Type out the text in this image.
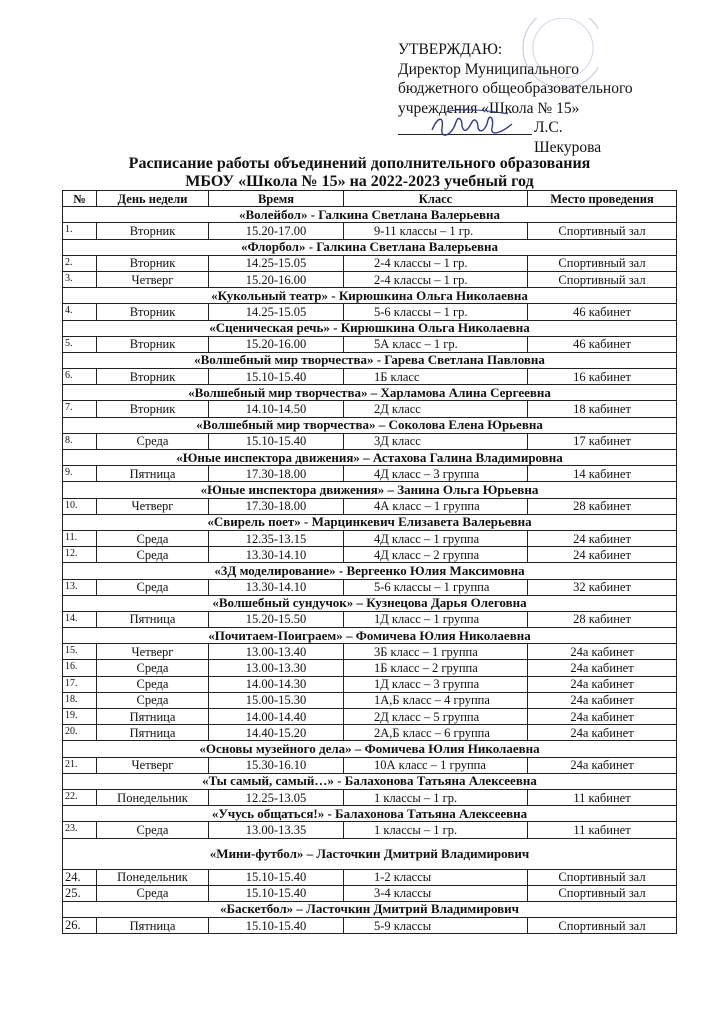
УТВЕРЖДАЮ:
Директор Муниципального
бюджетного общеобразовательного
учреждения «Школа № 15»
Л.С. Шекурова
Расписание работы объединений дополнительного образования
МБОУ «Школа № 15» на 2022-2023 учебный год
№	День недели	Время	Класс	Место проведения
«Волейбол» - Галкина Светлана Валерьевна				
1.	Вторник	15.20-17.00	9-11 классы – 1 гр.	Спортивный зал
«Флорбол» - Галкина Светлана Валерьевна				
2.	Вторник	14.25-15.05	2-4 классы – 1 гр.	Спортивный зал
3.	Четверг	15.20-16.00	2-4 классы – 1 гр.	Спортивный зал
«Кукольный театр» - Кирюшкина Ольга Николаевна				
4.	Вторник	14.25-15.05	5-6 классы – 1 гр.	46 кабинет
«Сценическая речь» - Кирюшкина Ольга Николаевна				
5.	Вторник	15.20-16.00	5А класс – 1 гр.	46 кабинет
«Волшебный мир творчества» - Гарева Светлана Павловна				
6.	Вторник	15.10-15.40	1Б класс	16 кабинет
«Волшебный мир творчества» – Харламова Алина Сергеевна				
7.	Вторник	14.10-14.50	2Д класс	18 кабинет
«Волшебный мир творчества» – Соколова Елена Юрьевна				
8.	Среда	15.10-15.40	3Д класс	17 кабинет
«Юные инспектора движения» – Астахова Галина Владимировна				
9.	Пятница	17.30-18.00	4Д класс – 3 группа	14 кабинет
«Юные инспектора движения» – Занина Ольга Юрьевна				
10.	Четверг	17.30-18.00	4А класс – 1 группа	28 кабинет
«Свирель поет» - Марцинкевич Елизавета Валерьевна				
11.	Среда	12.35-13.15	4Д класс – 1 группа	24 кабинет
12.	Среда	13.30-14.10	4Д класс – 2 группа	24 кабинет
«3Д моделирование» - Вергеенко Юлия Максимовна				
13.	Среда	13.30-14.10	5-6 классы – 1 группа	32 кабинет
«Волшебный сундучок» – Кузнецова Дарья Олеговна				
14.	Пятница	15.20-15.50	1Д класс – 1 группа	28 кабинет
«Почитаем-Поиграем» – Фомичева Юлия Николаевна				
15.	Четверг	13.00-13.40	3Б класс – 1 группа	24а кабинет
16.	Среда	13.00-13.30	1Б класс – 2 группа	24а кабинет
17.	Среда	14.00-14.30	1Д класс – 3 группа	24а кабинет
18.	Среда	15.00-15.30	1А,Б класс – 4 группа	24а кабинет
19.	Пятница	14.00-14.40	2Д класс – 5 группа	24а кабинет
20.	Пятница	14.40-15.20	2А,Б класс – 6 группа	24а кабинет
«Основы музейного дела» – Фомичева Юлия Николаевна				
21.	Четверг	15.30-16.10	10А класс – 1 группа	24а кабинет
«Ты самый, самый…» - Балахонова Татьяна Алексеевна				
22.	Понедельник	12.25-13.05	1 классы – 1 гр.	11 кабинет
«Учусь общаться!» - Балахонова Татьяна Алексеевна				
23.	Среда	13.00-13.35	1 классы – 1 гр.	11 кабинет
«Мини-футбол» – Ласточкин Дмитрий Владимирович				
24.	Понедельник	15.10-15.40	1-2 классы	Спортивный зал
25.	Среда	15.10-15.40	3-4 классы	Спортивный зал
«Баскетбол» – Ласточкин Дмитрий Владимирович				
26.	Пятница	15.10-15.40	5-9 классы	Спортивный зал
